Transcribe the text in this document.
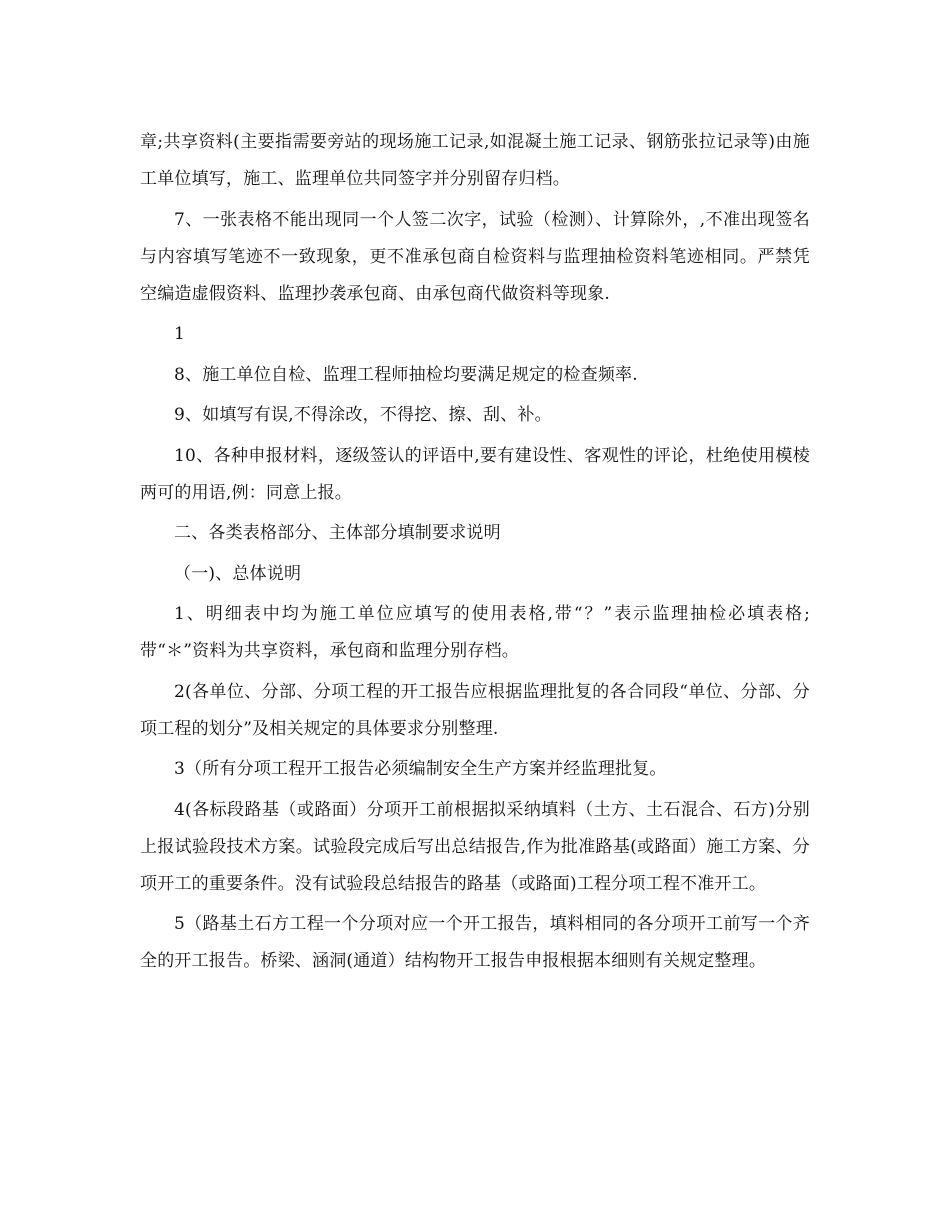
章;共享资料(主要指需要旁站的现场施工记录,如混凝土施工记录、钢筋张拉记录等)由施工单位填写，施工、监理单位共同签字并分别留存归档。

7、一张表格不能出现同一个人签二次字，试验（检测）、计算除外，,不准出现签名与内容填写笔迹不一致现象，更不准承包商自检资料与监理抽检资料笔迹相同。严禁凭空编造虚假资料、监理抄袭承包商、由承包商代做资料等现象.

1

8、施工单位自检、监理工程师抽检均要满足规定的检查频率.

9、如填写有误,不得涂改，不得挖、擦、刮、补。

10、各种申报材料，逐级签认的评语中,要有建设性、客观性的评论，杜绝使用模棱两可的用语,例：同意上报。

二、各类表格部分、主体部分填制要求说明

（一)、总体说明

1、明细表中均为施工单位应填写的使用表格,带“？”表示监理抽检必填表格;带“＊”资料为共享资料，承包商和监理分别存档。

2(各单位、分部、分项工程的开工报告应根据监理批复的各合同段“单位、分部、分项工程的划分”及相关规定的具体要求分别整理.

3（所有分项工程开工报告必须编制安全生产方案并经监理批复。

4(各标段路基（或路面）分项开工前根据拟采纳填料（土方、土石混合、石方)分别上报试验段技术方案。试验段完成后写出总结报告,作为批准路基(或路面）施工方案、分项开工的重要条件。没有试验段总结报告的路基（或路面)工程分项工程不准开工。

5（路基土石方工程一个分项对应一个开工报告，填料相同的各分项开工前写一个齐全的开工报告。桥梁、涵洞(通道）结构物开工报告申报根据本细则有关规定整理。
